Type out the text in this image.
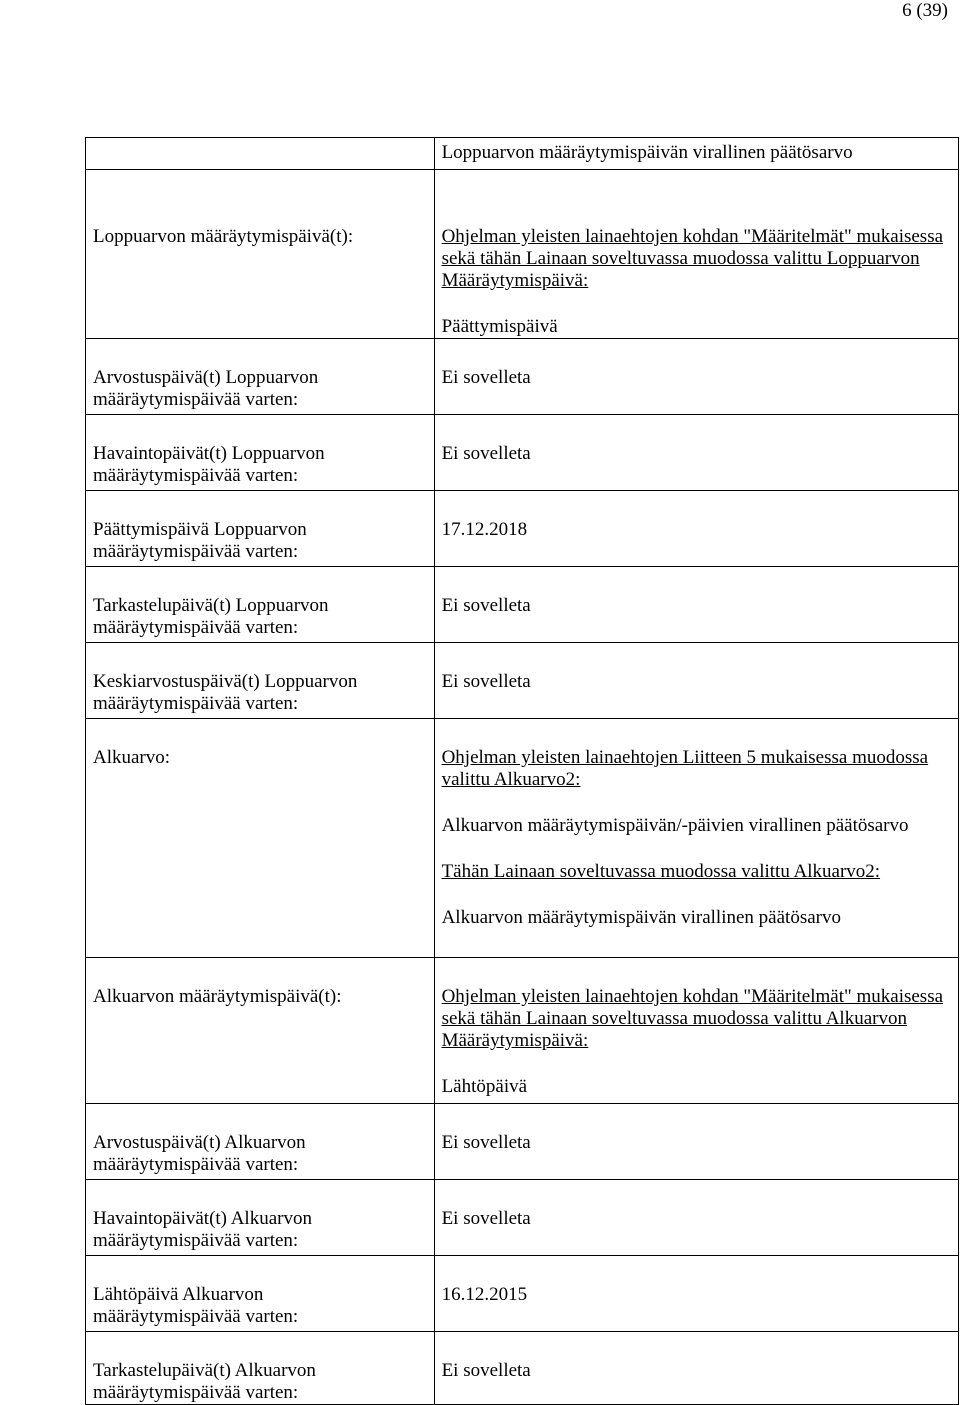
6 (39)
	Loppuarvon määräytymispäivän virallinen päätösarvo
Loppuarvon määräytymispäivä(t):	Ohjelman yleisten lainaehtojen kohdan "Määritelmät" mukaisessa sekä tähän Lainaan soveltuvassa muodossa valittu Loppuarvon Määräytymispäivä:
Päättymispäivä

Arvostuspäivä(t) Loppuarvon määräytymispäivää varten:	Ei sovelleta
Havaintopäivät(t) Loppuarvon määräytymispäivää varten:	Ei sovelleta
Päättymispäivä Loppuarvon määräytymispäivää varten:	17.12.2018
Tarkastelupäivä(t) Loppuarvon määräytymispäivää varten:	Ei sovelleta
Keskiarvostuspäivä(t) Loppuarvon määräytymispäivää varten:	Ei sovelleta
Alkuarvo:	Ohjelman yleisten lainaehtojen Liitteen 5 mukaisessa muodossa valittu Alkuarvo2:
Alkuarvon määräytymispäivän/-päivien virallinen päätösarvo
Tähän Lainaan soveltuvassa muodossa valittu Alkuarvo2:
Alkuarvon määräytymispäivän virallinen päätösarvo

Alkuarvon määräytymispäivä(t):	Ohjelman yleisten lainaehtojen kohdan "Määritelmät" mukaisessa sekä tähän Lainaan soveltuvassa muodossa valittu Alkuarvon Määräytymispäivä:
Lähtöpäivä

Arvostuspäivä(t) Alkuarvon määräytymispäivää varten:	Ei sovelleta
Havaintopäivät(t) Alkuarvon määräytymispäivää varten:	Ei sovelleta
Lähtöpäivä Alkuarvon määräytymispäivää varten:	16.12.2015
Tarkastelupäivä(t) Alkuarvon määräytymispäivää varten:	Ei sovelleta
